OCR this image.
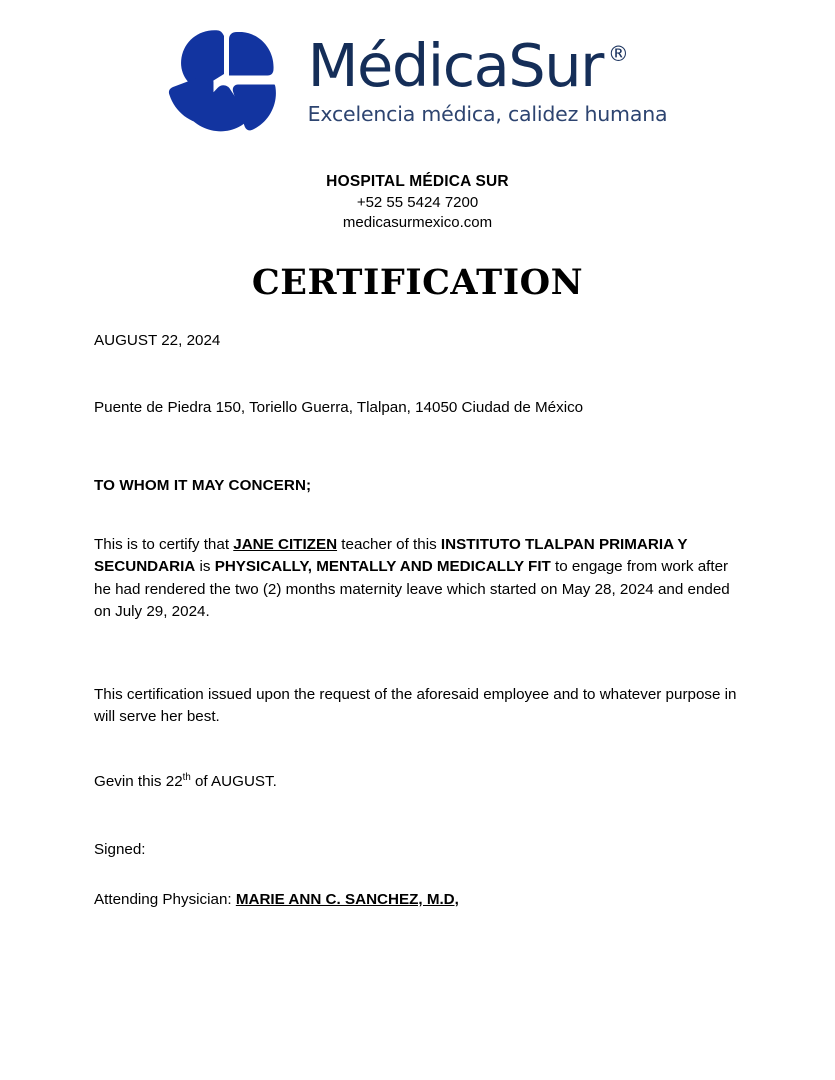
MédicaSur ®
Excelencia médica, calidez humana
HOSPITAL MÉDICA SUR
+52 55 5424 7200
medicasurmexico.com
CERTIFICATION
AUGUST 22, 2024
Puente de Piedra 150, Toriello Guerra, Tlalpan, 14050 Ciudad de México
TO WHOM IT MAY CONCERN;

This is to certify that JANE CITIZEN teacher of this INSTITUTO TLALPAN PRIMARIA Y SECUNDARIA is PHYSICALLY, MENTALLY AND MEDICALLY FIT to engage from work after he had rendered the two (2) months maternity leave which started on May 28, 2024 and ended on July 29, 2024.

This certification issued upon the request of the aforesaid employee and to whatever purpose in will serve her best.

Gevin this 22th of AUGUST.
Signed:
Attending Physician: MARIE ANN C. SANCHEZ, M.D,
